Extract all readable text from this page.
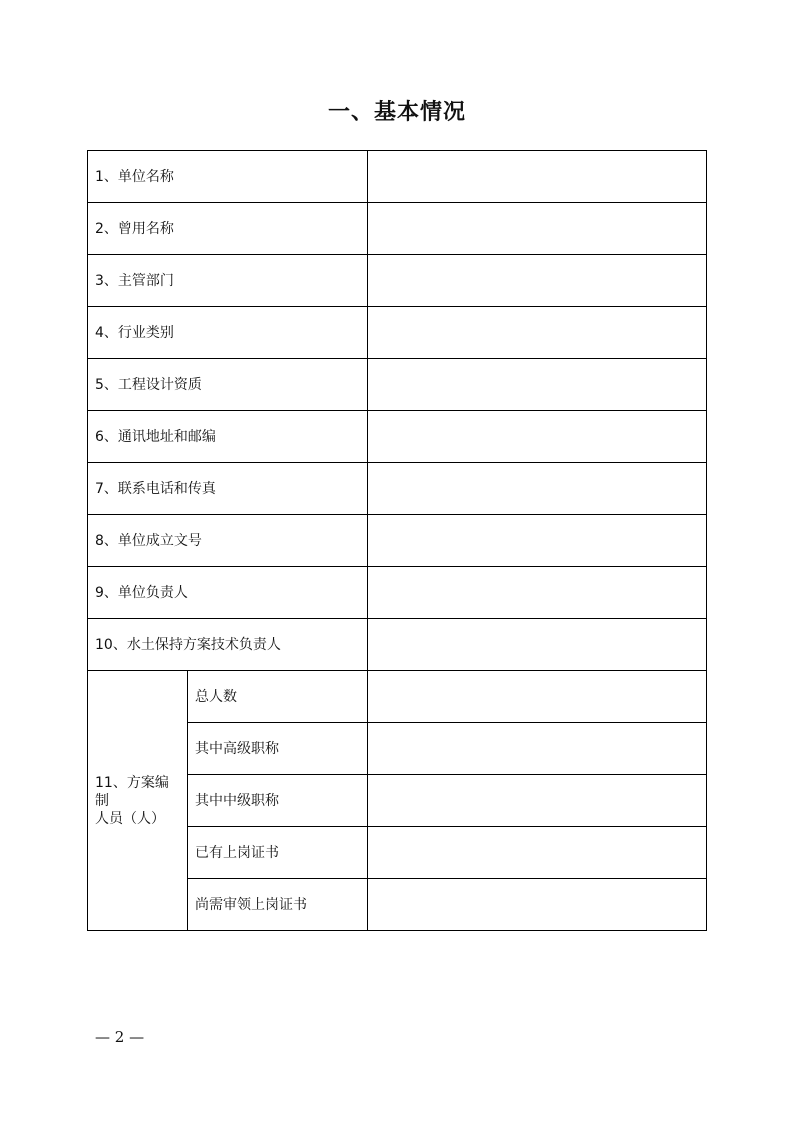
一、基本情况
1、单位名称		
2、曾用名称		
3、主管部门		
4、行业类别		
5、工程设计资质		
6、通讯地址和邮编		
7、联系电话和传真		
8、单位成立文号		
9、单位负责人		
10、水土保持方案技术负责人		

11、方案编制
人员（人）	总人数	
	其中高级职称	
	其中中级职称	
	已有上岗证书	
	尚需审领上岗证书	
— 2 —
